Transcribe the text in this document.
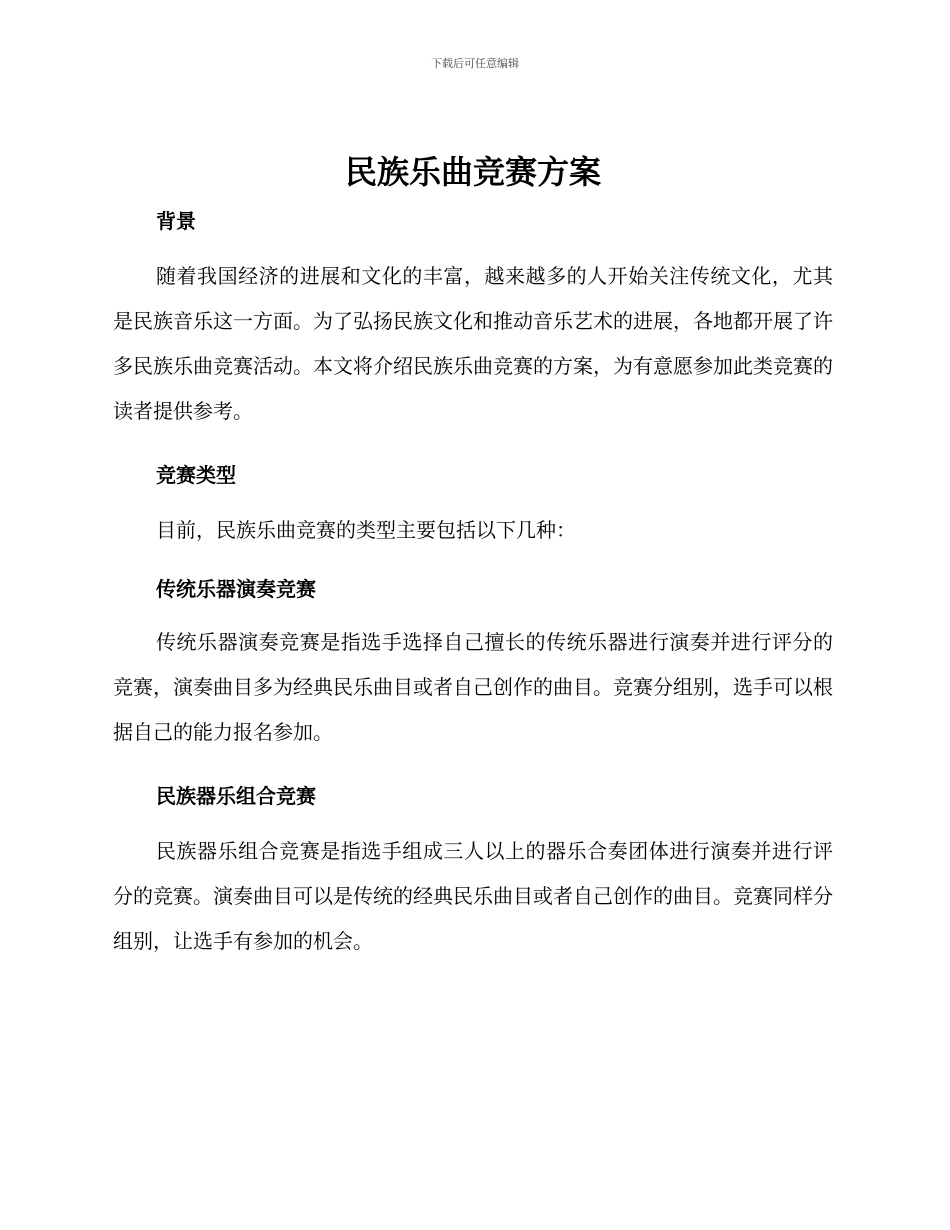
下载后可任意编辑
民族乐曲竞赛方案
背景

随着我国经济的进展和文化的丰富，越来越多的人开始关注传统文化，尤其是民族音乐这一方面。为了弘扬民族文化和推动音乐艺术的进展，各地都开展了许多民族乐曲竞赛活动。本文将介绍民族乐曲竞赛的方案，为有意愿参加此类竞赛的读者提供参考。

竞赛类型

目前，民族乐曲竞赛的类型主要包括以下几种：

传统乐器演奏竞赛

传统乐器演奏竞赛是指选手选择自己擅长的传统乐器进行演奏并进行评分的竞赛，演奏曲目多为经典民乐曲目或者自己创作的曲目。竞赛分组别，选手可以根据自己的能力报名参加。

民族器乐组合竞赛

民族器乐组合竞赛是指选手组成三人以上的器乐合奏团体进行演奏并进行评分的竞赛。演奏曲目可以是传统的经典民乐曲目或者自己创作的曲目。竞赛同样分组别，让选手有参加的机会。
